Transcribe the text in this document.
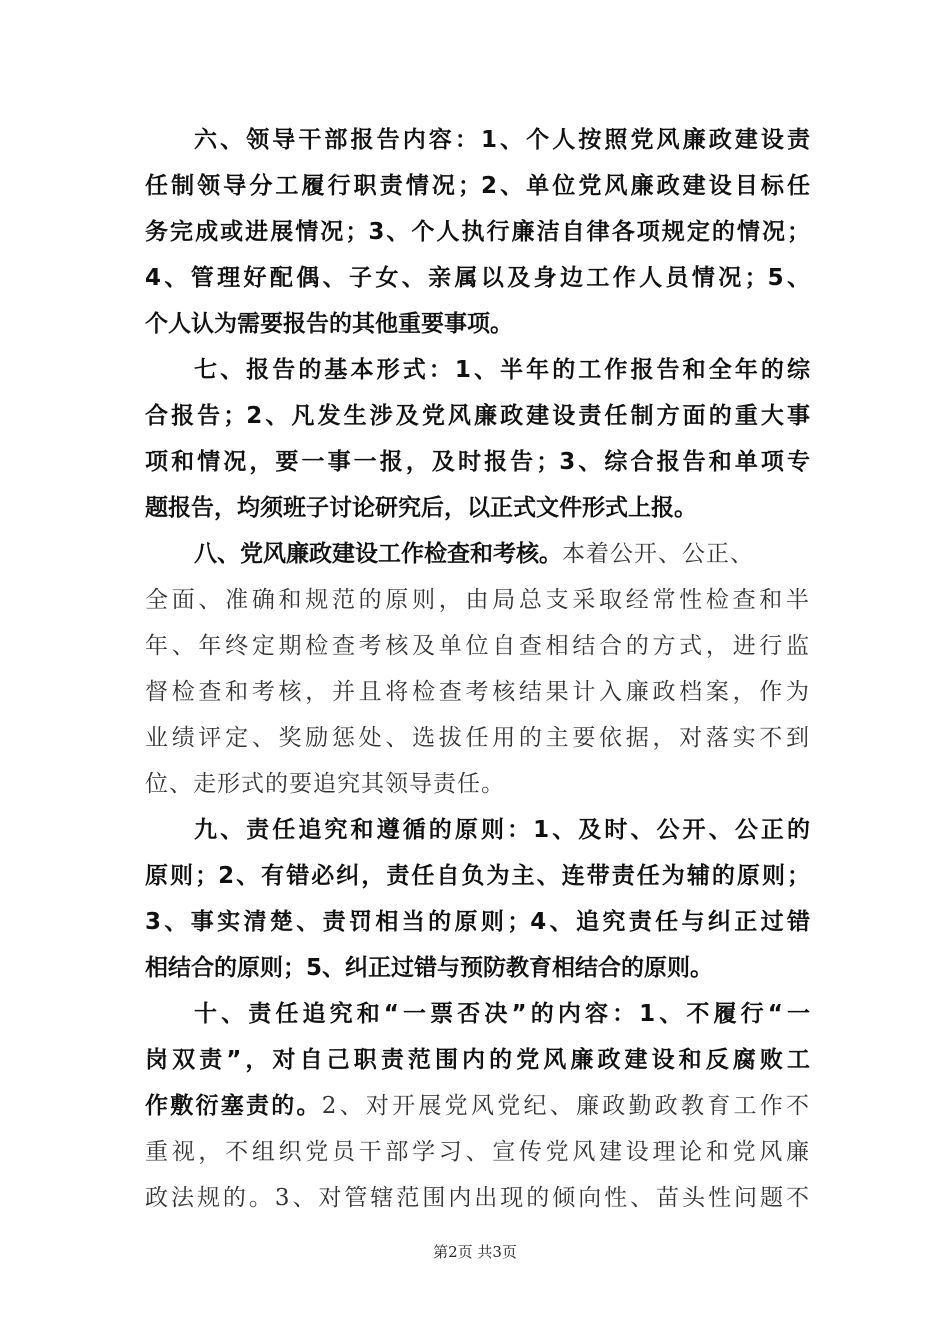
六、领导干部报告内容：1、个人按照党风廉政建设责
任制领导分工履行职责情况；2、单位党风廉政建设目标任
务完成或进展情况；3、个人执行廉洁自律各项规定的情况；
4、管理好配偶、子女、亲属以及身边工作人员情况；5、
个人认为需要报告的其他重要事项。
七、报告的基本形式：1、半年的工作报告和全年的综
合报告；2、凡发生涉及党风廉政建设责任制方面的重大事
项和情况，要一事一报，及时报告；3、综合报告和单项专
题报告，均须班子讨论研究后，以正式文件形式上报。
八、党风廉政建设工作检查和考核。本着公开、公正、
全面、准确和规范的原则，由局总支采取经常性检查和半
年、年终定期检查考核及单位自查相结合的方式，进行监
督检查和考核，并且将检查考核结果计入廉政档案，作为
业绩评定、奖励惩处、选拔任用的主要依据，对落实不到
位、走形式的要追究其领导责任。
九、责任追究和遵循的原则：1、及时、公开、公正的
原则；2、有错必纠，责任自负为主、连带责任为辅的原则；
3、事实清楚、责罚相当的原则；4、追究责任与纠正过错
相结合的原则；5、纠正过错与预防教育相结合的原则。
十、责任追究和“一票否决”的内容：1、不履行“一
岗双责”，对自己职责范围内的党风廉政建设和反腐败工
作敷衍塞责的。2、对开展党风党纪、廉政勤政教育工作不
重视，不组织党员干部学习、宣传党风建设理论和党风廉
政法规的。3、对管辖范围内出现的倾向性、苗头性问题不
第2页 共3页
